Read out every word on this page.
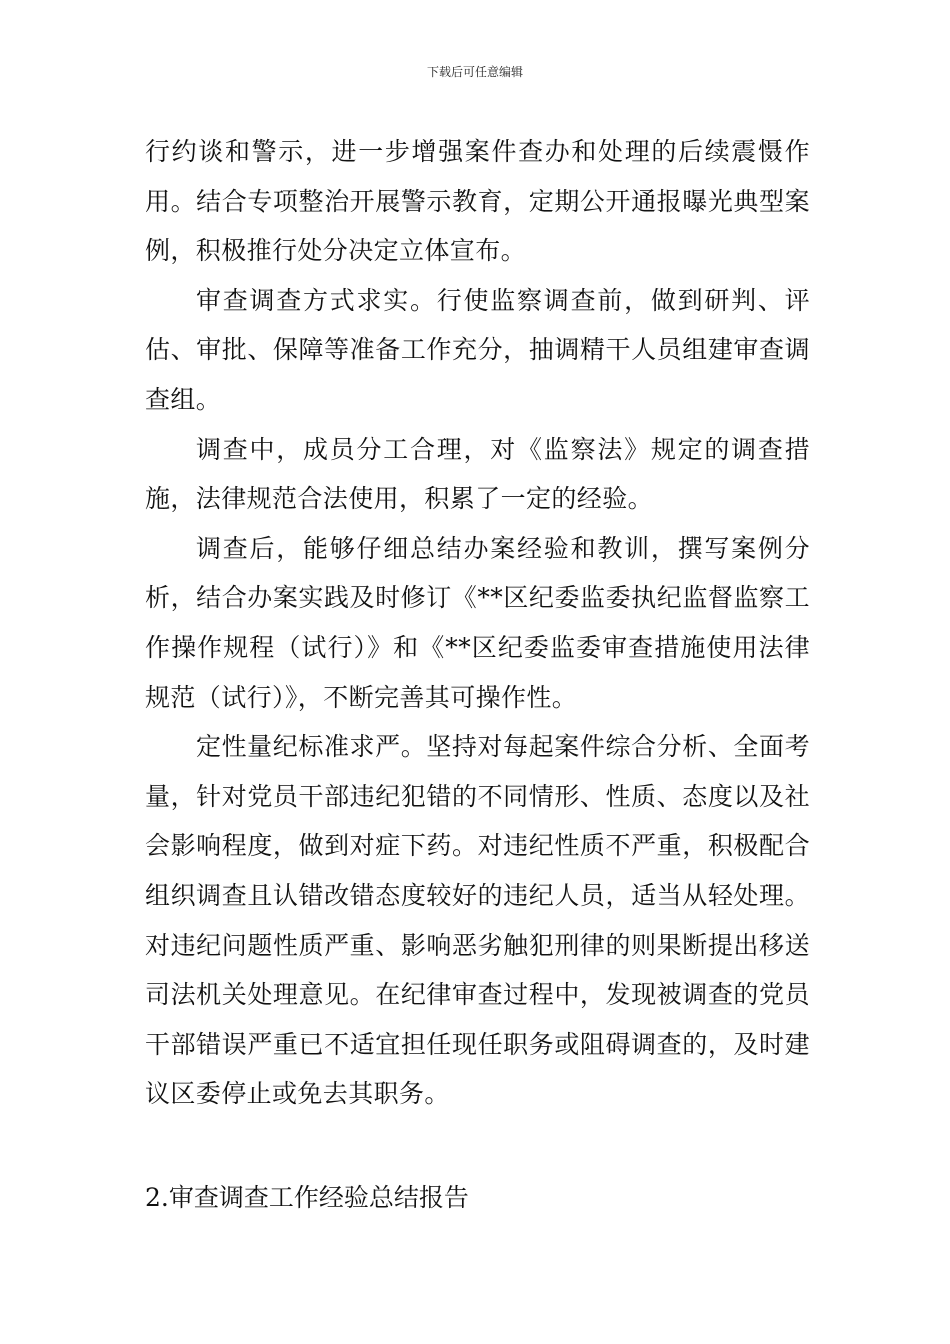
下载后可任意编辑

行约谈和警示，进一步增强案件查办和处理的后续震慑作用。结合专项整治开展警示教育，定期公开通报曝光典型案例，积极推行处分决定立体宣布。

审查调查方式求实。行使监察调查前，做到研判、评估、审批、保障等准备工作充分，抽调精干人员组建审查调查组。

调查中，成员分工合理，对《监察法》规定的调查措施，法律规范合法使用，积累了一定的经验。

调查后，能够仔细总结办案经验和教训，撰写案例分析，结合办案实践及时修订《**区纪委监委执纪监督监察工作操作规程（试行）》和《**区纪委监委审查措施使用法律规范（试行）》，不断完善其可操作性。

定性量纪标准求严。坚持对每起案件综合分析、全面考量，针对党员干部违纪犯错的不同情形、性质、态度以及社会影响程度，做到对症下药。对违纪性质不严重，积极配合组织调查且认错改错态度较好的违纪人员，适当从轻处理。对违纪问题性质严重、影响恶劣触犯刑律的则果断提出移送司法机关处理意见。在纪律审查过程中，发现被调查的党员干部错误严重已不适宜担任现任职务或阻碍调查的，及时建议区委停止或免去其职务。

2.审查调查工作经验总结报告
